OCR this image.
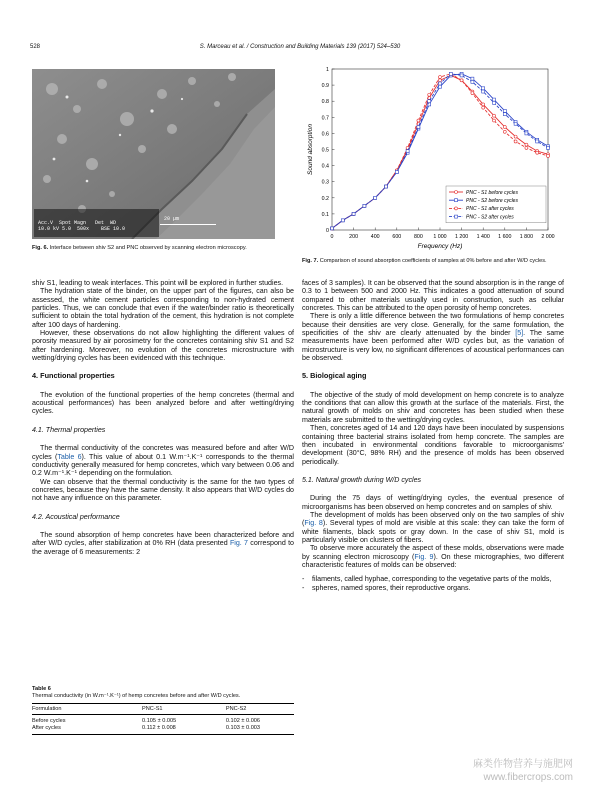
528	S. Marceau et al. / Construction and Building Materials 139 (2017) 524–530
Acc.V  Spot Magn   Det  WD
10.0 kV 5.0  500x    BSE 10.0
20 µm
Fig. 6. Interface between shiv S2 and PNC observed by scanning electron microscopy.
0
0.1
0.2
0.3
0.4
0.5
0.6
0.7
0.8
0.9
1
0	200 400 600 800 1 000 1 200 1 400 1 600 1 800 2 000
Frequency (Hz)
Sound absorption
PNC - S1 before cycles
PNC - S2 before cycles
PNC - S1 after cycles
PNC - S2 after cycles
Fig. 7. Comparison of sound absorption coefficients of samples at 0% before and after W/D cycles.

shiv S1, leading to weak interfaces. This point will be explored in further studies.

The hydration state of the binder, on the upper part of the figures, can also be assessed, the white cement particles corresponding to non-hydrated cement particles. Thus, we can conclude that even if the water/binder ratio is theoretically sufficient to obtain the total hydration of the cement, this hydration is not complete after 100 days of hardening.

However, these observations do not allow highlighting the different values of porosity measured by air porosimetry for the concretes containing shiv S1 and S2 after hardening. Moreover, no evolution of the concretes microstructure with wetting/drying cycles has been evidenced with this technique.

4. Functional properties

The evolution of the functional properties of the hemp concretes (thermal and acoustical performances) has been analyzed before and after wetting/drying cycles.

4.1. Thermal properties

The thermal conductivity of the concretes was measured before and after W/D cycles (Table 6). This value of about 0.1 W.m⁻¹.K⁻¹ corresponds to the thermal conductivity generally measured for hemp concretes, which vary between 0.06 and 0.2 W.m⁻¹.K⁻¹ depending on the formulation.

We can observe that the thermal conductivity is the same for the two types of concretes, because they have the same density. It also appears that W/D cycles do not have any influence on this parameter.

4.2. Acoustical performance

The sound absorption of hemp concretes have been characterized before and after W/D cycles, after stabilization at 0% RH (data presented Fig. 7 correspond to the average of 6 measurements: 2

Table 6
Thermal conductivity (in W.m⁻¹.K⁻¹) of hemp concretes before and after W/D cycles.
Formulation	PNC-S1	PNC-S2
Before cycles	0.105 ± 0.005	0.102 ± 0.006
After cycles	0.112 ± 0.008	0.103 ± 0.003

faces of 3 samples). It can be observed that the sound absorption is in the range of 0.3 to 1 between 500 and 2000 Hz. This indicates a good attenuation of sound compared to other materials usually used in construction, such as cellular concretes. This can be attributed to the open porosity of hemp concretes.

There is only a little difference between the two formulations of hemp concretes because their densities are very close. Generally, for the same formulation, the specificities of the shiv are clearly attenuated by the binder [5]. The same measurements have been performed after W/D cycles but, as the variation of microstructure is very low, no significant differences of acoustical performances can be observed.

5. Biological aging

The objective of the study of mold development on hemp concrete is to analyze the conditions that can allow this growth at the surface of the materials. First, the natural growth of molds on shiv and concretes has been studied when these materials are submitted to the wetting/drying cycles.

Then, concretes aged of 14 and 120 days have been inoculated by suspensions containing three bacterial strains isolated from hemp concrete. The samples are then incubated in environmental conditions favorable to microorganisms' development (30°C, 98% RH) and the presence of molds has been observed periodically.

5.1. Natural growth during W/D cycles

During the 75 days of wetting/drying cycles, the eventual presence of microorganisms has been observed on hemp concretes and on samples of shiv.

The development of molds has been observed only on the two samples of shiv (Fig. 8). Several types of mold are visible at this scale: they can take the form of white filaments, black spots or gray down. In the case of shiv S1, mold is particularly visible on clusters of fibers.

To observe more accurately the aspect of these molds, observations were made by scanning electron microscopy (Fig. 9). On these micrographies, two different characteristic features of molds can be observed:

-	filaments, called hyphae, corresponding to the vegetative parts of the molds,
-	spheres, named spores, their reproductive organs.
麻类作物营养与施肥网
www.fibercrops.com
